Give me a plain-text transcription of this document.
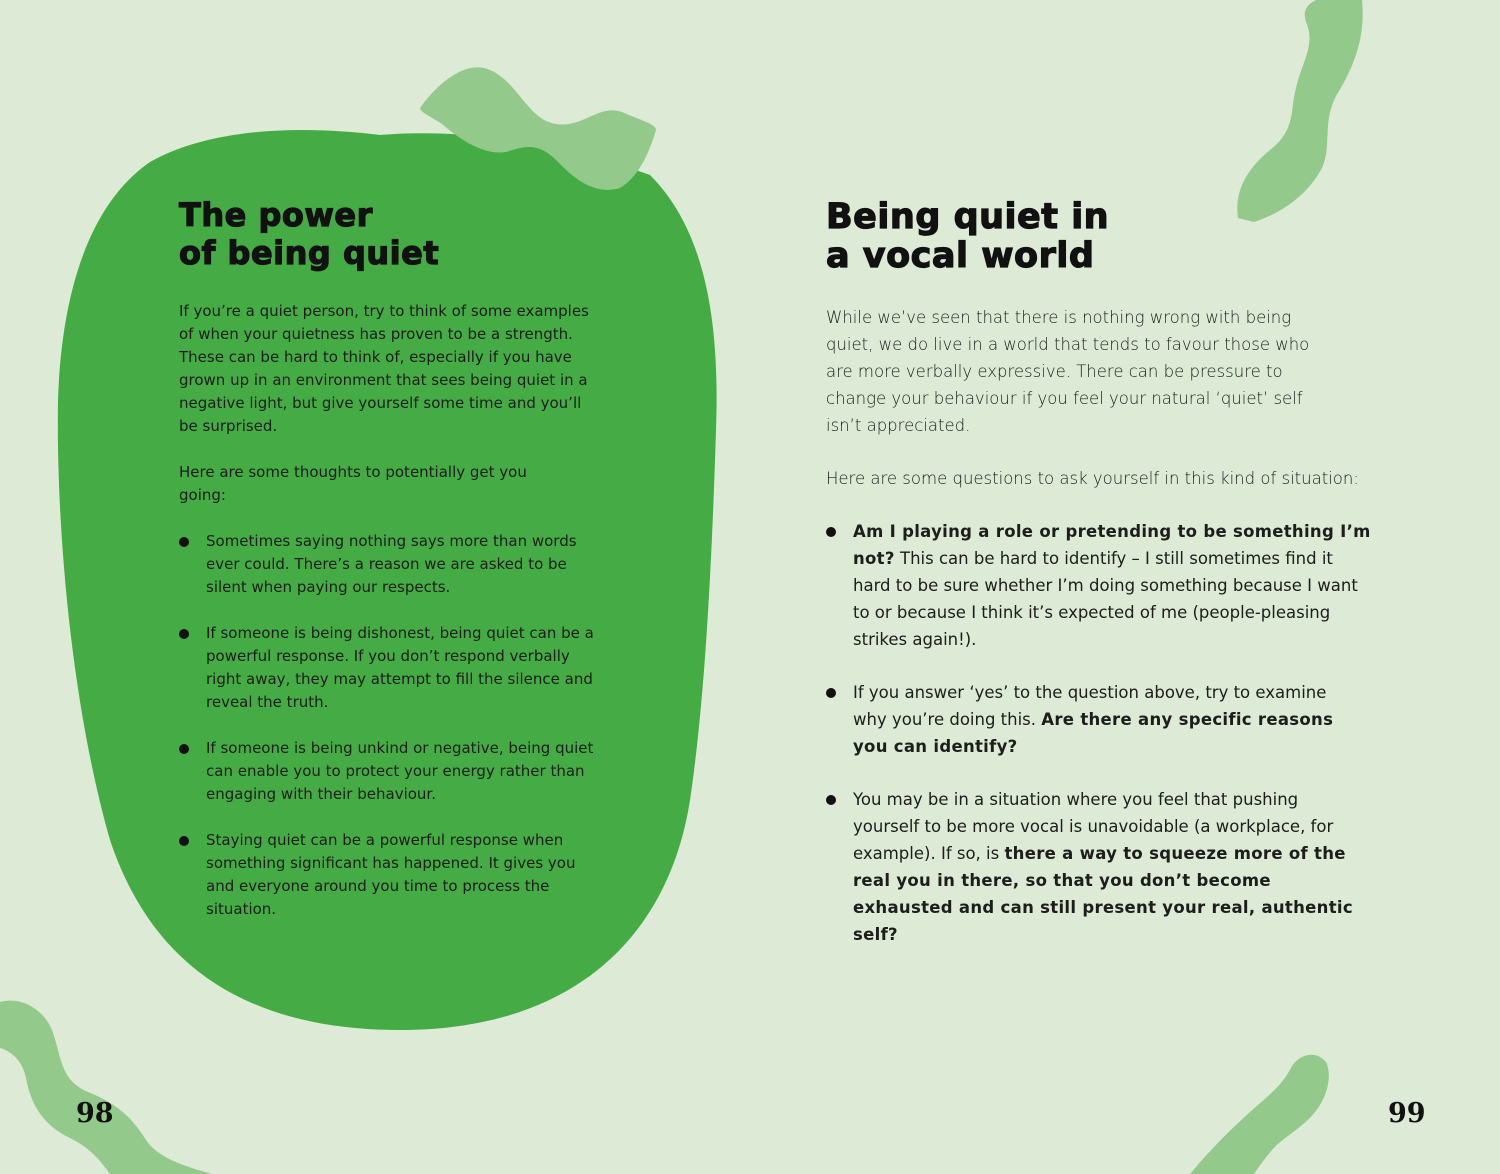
The power
of being quiet

If you’re a quiet person, try to think of some examples of when your quietness has proven to be a strength. These can be hard to think of, especially if you have grown up in an environment that sees being quiet in a negative light, but give yourself some time and you’ll be surprised.

Here are some thoughts to potentially get you going:

Sometimes saying nothing says more than words ever could. There’s a reason we are asked to be silent when paying our respects.
If someone is being dishonest, being quiet can be a powerful response. If you don’t respond verbally right away, they may attempt to fill the silence and reveal the truth.
If someone is being unkind or negative, being quiet can enable you to protect your energy rather than engaging with their behaviour.
Staying quiet can be a powerful response when something significant has happened. It gives you and everyone around you time to process the situation.
Being quiet in
a vocal world

While we’ve seen that there is nothing wrong with being quiet, we do live in a world that tends to favour those who are more verbally expressive. There can be pressure to change your behaviour if you feel your natural ‘quiet’ self isn’t appreciated.

Here are some questions to ask yourself in this kind of situation:

Am I playing a role or pretending to be something I’m not? This can be hard to identify – I still sometimes find it hard to be sure whether I’m doing something because I want to or because I think it’s expected of me (people-pleasing strikes again!).
If you answer ‘yes’ to the question above, try to examine why you’re doing this. Are there any specific reasons you can identify?
You may be in a situation where you feel that pushing yourself to be more vocal is unavoidable (a workplace, for example). If so, is there a way to squeeze more of the real you in there, so that you don’t become exhausted and can still present your real, authentic self?
98	99
